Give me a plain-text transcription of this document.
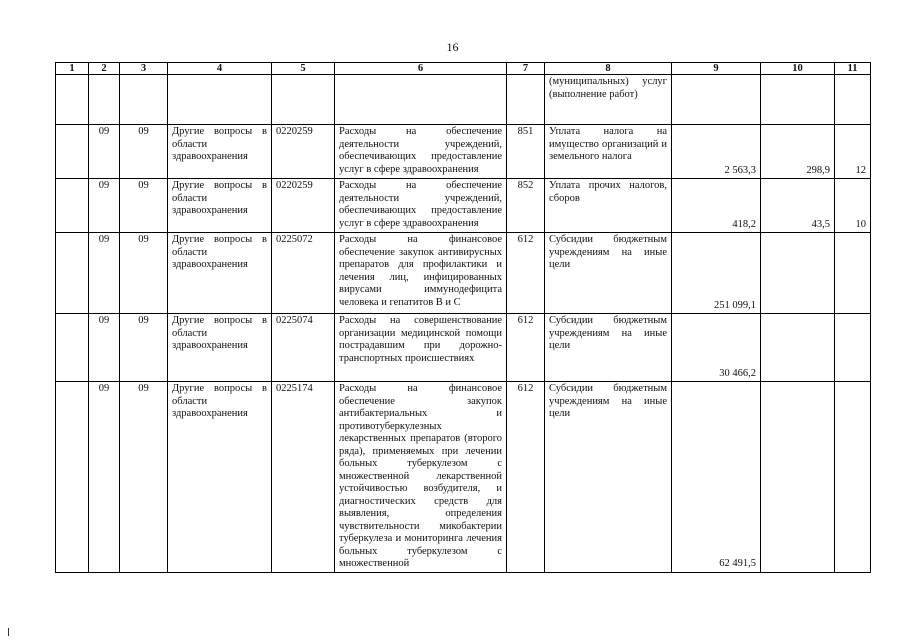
16
1	2	3	4	5	6	7	8	9	10	11
							(муниципальных) услуг (выполнение работ)			
	09	09	Другие вопросы в области здравоохранения	0220259	Расходы на обеспечение деятельности учреждений, обеспечивающих предоставление услуг в сфере здравоохранения	851	Уплата налога на имущество организаций и земельного налога	2 563,3	298,9	12
	09	09	Другие вопросы в области здравоохранения	0220259	Расходы на обеспечение деятельности учреждений, обеспечивающих предоставление услуг в сфере здравоохранения	852	Уплата прочих налогов, сборов	418,2	43,5	10
	09	09	Другие вопросы в области здравоохранения	0225072	Расходы на финансовое обеспечение закупок антивирусных препаратов для профилактики и лечения лиц, инфицированных вирусами иммунодефицита человека и гепатитов В и С	612	Субсидии бюджетным учреждениям на иные цели	251 099,1		
	09	09	Другие вопросы в области здравоохранения	0225074	Расходы на совершенствование организации медицинской помощи пострадавшим при дорожно-транспортных происшествиях	612	Субсидии бюджетным учреждениям на иные цели	30 466,2		
	09	09	Другие вопросы в области здравоохранения	0225174	Расходы на финансовое обеспечение закупок антибактериальных и противотуберкулезных лекарственных препаратов (второго ряда), применяемых при лечении больных туберкулезом с множественной лекарственной устойчивостью возбудителя, и диагностических средств для выявления, определения чувствительности микобактерии туберкулеза и мониторинга лечения больных туберкулезом с множественной	612	Субсидии бюджетным учреждениям на иные цели	62 491,5		
